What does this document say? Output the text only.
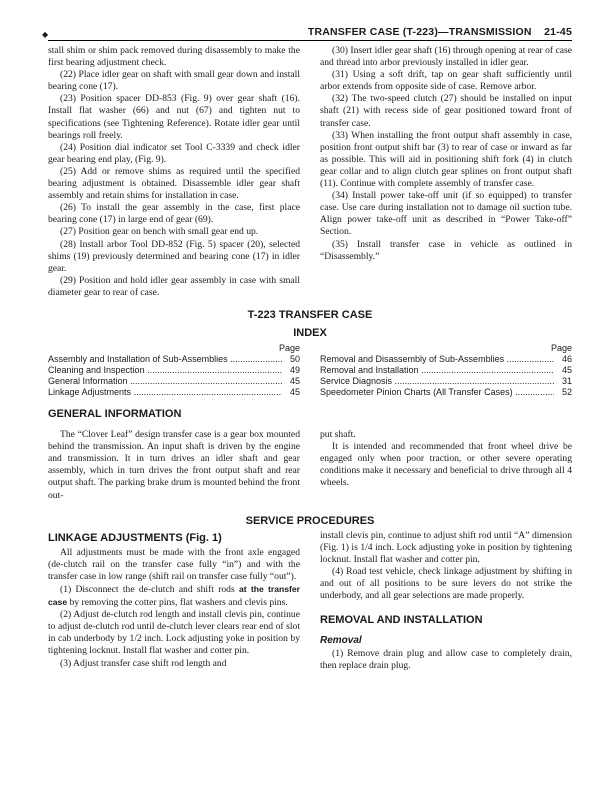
◆	TRANSFER CASE (T-223)—TRANSMISSION 21-45

stall shim or shim pack removed during disassembly to make the first bearing adjustment check.

(22) Place idler gear on shaft with small gear down and install bearing cone (17).

(23) Position spacer DD-853 (Fig. 9) over gear shaft (16). Install flat washer (66) and nut (67) and tighten nut to specifications (see Tightening Reference). Rotate idler gear until bearings roll freely.

(24) Position dial indicator set Tool C-3339 and check idler gear bearing end play, (Fig. 9).

(25) Add or remove shims as required until the specified bearing adjustment is obtained. Disassemble idler gear shaft assembly and retain shims for installation in case.

(26) To install the gear assembly in the case, first place bearing cone (17) in large end of gear (69).

(27) Position gear on bench with small gear end up.

(28) Install arbor Tool DD-852 (Fig. 5) spacer (20), selected shims (19) previously determined and bearing cone (17) in idler gear.

(29) Position and hold idler gear assembly in case with small diameter gear to rear of case.

(30) Insert idler gear shaft (16) through opening at rear of case and thread into arbor previously installed in idler gear.

(31) Using a soft drift, tap on gear shaft sufficiently until arbor extends from opposite side of case. Remove arbor.

(32) The two-speed clutch (27) should be installed on input shaft (21) with recess side of gear positioned toward front of transfer case.

(33) When installing the front output shaft assembly in case, position front output shift bar (3) to rear of case or inward as far as possible. This will aid in positioning shift fork (4) in clutch gear collar and to align clutch gear splines on front output shaft (11). Continue with complete assembly of transfer case.

(34) Install power take-off unit (if so equipped) to transfer case. Use care during installation not to damage oil suction tube. Align power take-off unit as described in “Power Take-off” Section.

(35) Install transfer case in vehicle as outlined in “Disassembly.”

T-223 TRANSFER CASE
INDEX
Page
Assembly and Installation of Sub-Assemblies .....	50
Cleaning and Inspection .....	49
General Information .....	45
Linkage Adjustments .....	45
Page
Removal and Disassembly of Sub-Assemblies .....	46
Removal and Installation .....	45
Service Diagnosis .....	31
Speedometer Pinion Charts (All Transfer Cases) .....	52
GENERAL INFORMATION

The “Clover Leaf” design transfer case is a gear box mounted behind the transmission. An input shaft is driven by the engine and transmission. It in turn drives an idler shaft and gear assembly, which in turn drives the front output shaft and rear output shaft. The parking brake drum is mounted behind the front out-

put shaft.

It is intended and recommended that front wheel drive be engaged only when poor traction, or other severe operating conditions make it necessary and beneficial to drive through all 4 wheels.

SERVICE PROCEDURES
LINKAGE ADJUSTMENTS (Fig. 1)

All adjustments must be made with the front axle engaged (de-clutch rail on the transfer case fully “in”) and with the transfer case in low range (shift rail on transfer case fully “out”).

(1) Disconnect the de-clutch and shift rods at the transfer case by removing the cotter pins, flat washers and clevis pins.

(2) Adjust de-clutch rod length and install clevis pin, continue to adjust de-clutch rod until de-clutch lever clears rear end of slot in cab underbody by 1/2 inch. Lock adjusting yoke in position by tightening locknut. Install flat washer and cotter pin.

(3) Adjust transfer case shift rod length and

install clevis pin, continue to adjust shift rod until “A” dimension (Fig. 1) is 1/4 inch. Lock adjusting yoke in position by tightening locknut. Install flat washer and cotter pin.

(4) Road test vehicle, check linkage adjustment by shifting in and out of all positions to be sure levers do not strike the underbody, and all gear selections are made properly.

REMOVAL AND INSTALLATION
Removal

(1) Remove drain plug and allow case to completely drain, then replace drain plug.
